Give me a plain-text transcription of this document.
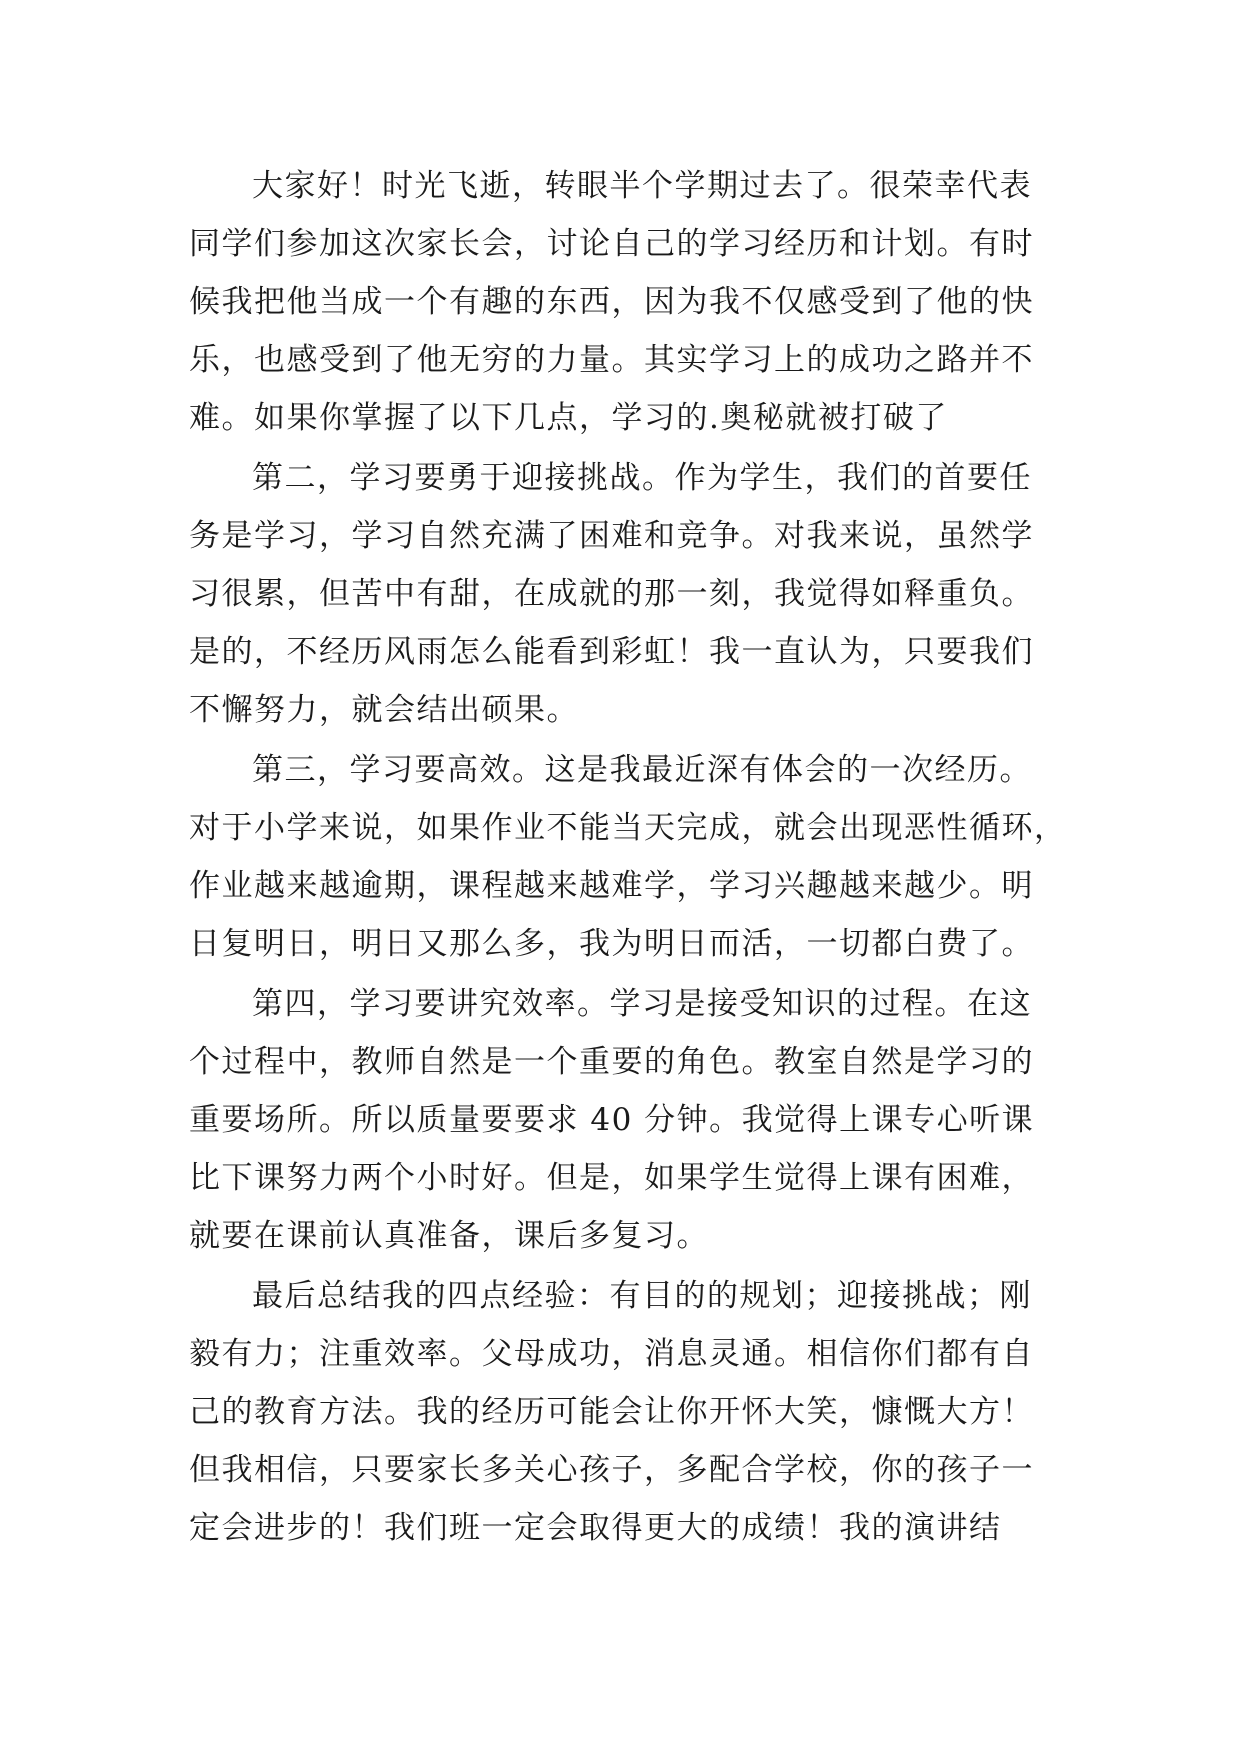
大家好！时光飞逝，转眼半个学期过去了。很荣幸代表
同学们参加这次家长会，讨论自己的学习经历和计划。有时
候我把他当成一个有趣的东西，因为我不仅感受到了他的快
乐，也感受到了他无穷的力量。其实学习上的成功之路并不
难。如果你掌握了以下几点，学习的.奥秘就被打破了
第二，学习要勇于迎接挑战。作为学生，我们的首要任
务是学习，学习自然充满了困难和竞争。对我来说，虽然学
习很累，但苦中有甜，在成就的那一刻，我觉得如释重负。
是的，不经历风雨怎么能看到彩虹！我一直认为，只要我们
不懈努力，就会结出硕果。
第三，学习要高效。这是我最近深有体会的一次经历。
对于小学来说，如果作业不能当天完成，就会出现恶性循环，
作业越来越逾期，课程越来越难学，学习兴趣越来越少。明
日复明日，明日又那么多，我为明日而活，一切都白费了。
第四，学习要讲究效率。学习是接受知识的过程。在这
个过程中，教师自然是一个重要的角色。教室自然是学习的
重要场所。所以质量要要求 40 分钟。我觉得上课专心听课
比下课努力两个小时好。但是，如果学生觉得上课有困难，
就要在课前认真准备，课后多复习。
最后总结我的四点经验：有目的的规划；迎接挑战；刚
毅有力；注重效率。父母成功，消息灵通。相信你们都有自
己的教育方法。我的经历可能会让你开怀大笑，慷慨大方！
但我相信，只要家长多关心孩子，多配合学校，你的孩子一
定会进步的！我们班一定会取得更大的成绩！我的演讲结
